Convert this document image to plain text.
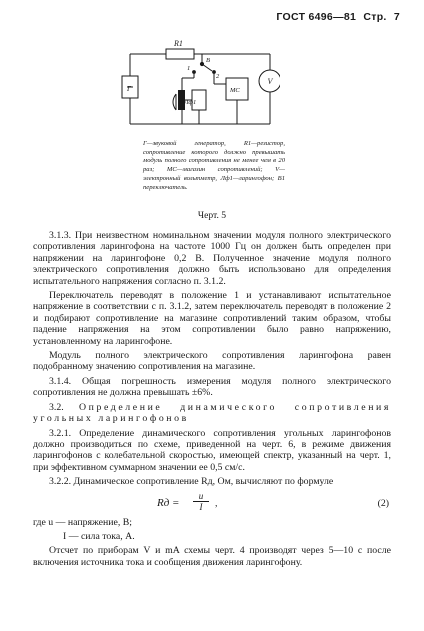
ГОСТ 6496—81 Стр. 7
R1
Г
V
1
B
2
МС
Лф1
Г—звуковой генератор, R1—резистор, сопротивление которого должно превышать модуль полного сопротивления не менее чем в 20 раз; МС—магазин сопротивлений; V—электронный вольтметр, Лф1—ларингофон; В1 переключатель.
Черт. 5

3.1.3. При неизвестном номинальном значении модуля полного электрического сопротивления ларингофона на частоте 1000 Гц он должен быть определен при напряжении на ларингофоне 0,2 В. Полученное значение модуля полного электрического сопротивления должно быть использовано для определения испытательного напряжения согласно п. 3.1.2.

Переключатель переводят в положение 1 и устанавливают испытательное напряжение в соответствии с п. 3.1.2, затем переключатель переводят в положение 2 и подбирают сопротивление на магазине сопротивлений таким образом, чтобы падение напряжения на этом сопротивлении было равно напряжению, установленному на ларингофоне.

Модуль полного электрического сопротивления ларингофона равен подобранному значению сопротивления на магазине.

3.1.4. Общая погрешность измерения модуля полного электрического сопротивления не должна превышать ±6%.

3.2. Определение динамического сопротивления угольных ларингофонов

3.2.1. Определение динамического сопротивления угольных ларингофонов должно производиться по схеме, приведенной на черт. 6, в режиме движения ларингофонов с колебательной скоростью, имеющей спектр, указанный на черт. 1, при эффективном суммарном значении ее 0,5 см/с.

3.2.2. Динамическое сопротивление Rд, Ом, вычисляют по формуле

Rд = $\frac{u}{I}$ ,	(2)

где u — напряжение, В;

I — сила тока, А.

Отсчет по приборам V и mA схемы черт. 4 производят через 5—10 с после включения источника тока и сообщения движения ларингофону.
